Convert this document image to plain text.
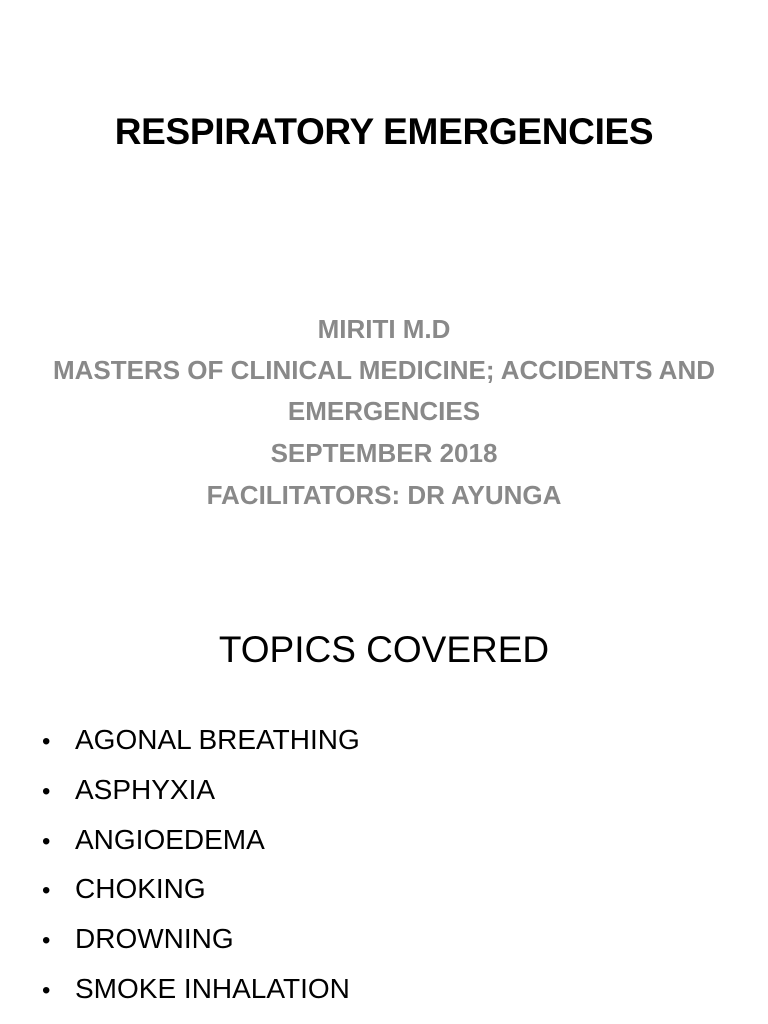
RESPIRATORY EMERGENCIES
MIRITI M.D
MASTERS OF CLINICAL MEDICINE; ACCIDENTS AND EMERGENCIES
SEPTEMBER 2018
FACILITATORS: DR AYUNGA
TOPICS COVERED
• AGONAL BREATHING
• ASPHYXIA
• ANGIOEDEMA
• CHOKING
• DROWNING
• SMOKE INHALATION
